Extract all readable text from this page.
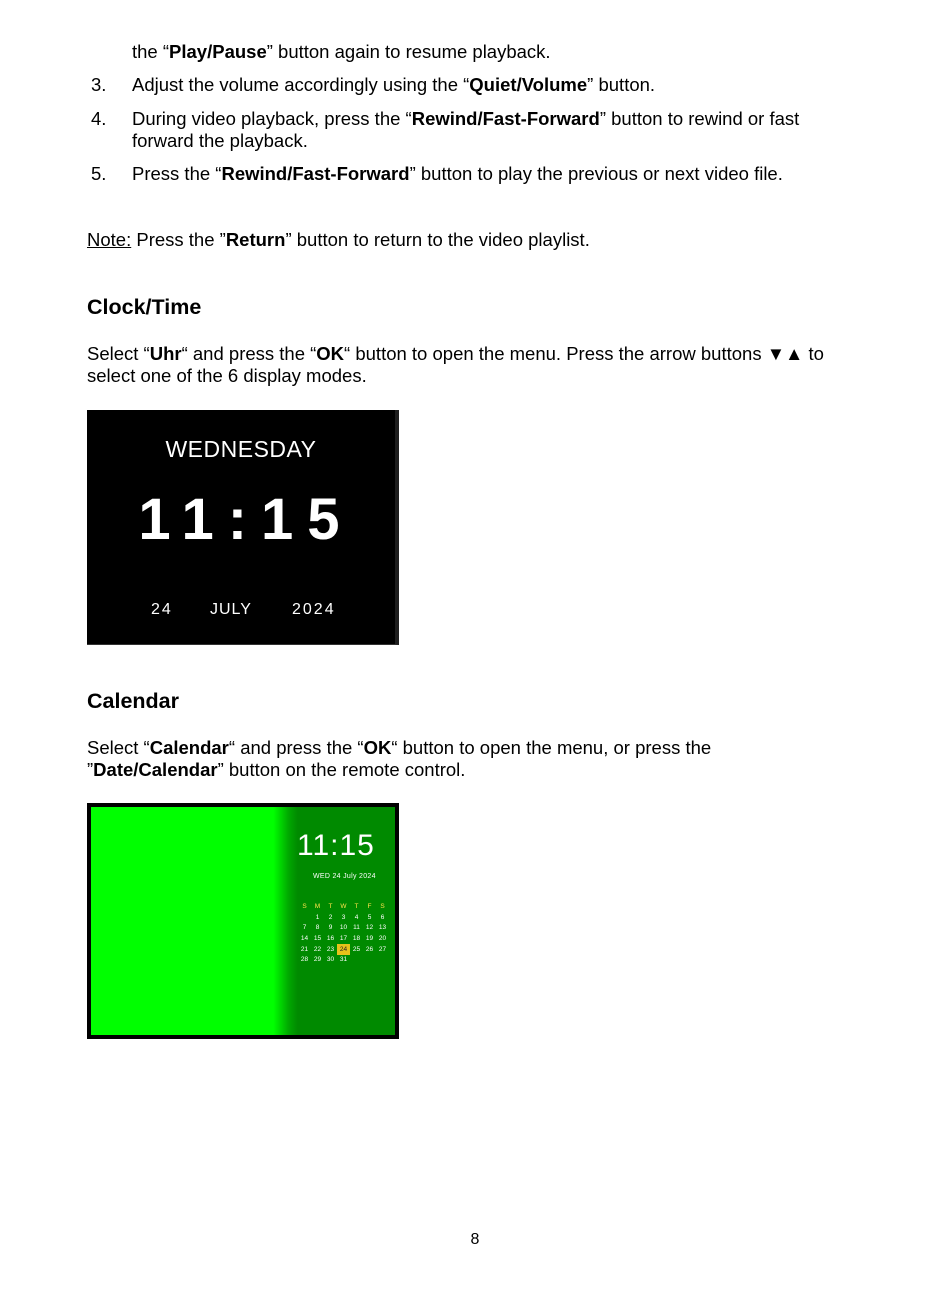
the “Play/Pause” button again to resume playback.
3.	Adjust the volume accordingly using the “Quiet/Volume” button.
4.	During video playback, press the “Rewind/Fast-Forward” button to rewind or fast forward the playback.
5.	Press the “Rewind/Fast-Forward” button to play the previous or next video file.
Note: Press the ”Return” button to return to the video playlist.
Clock/Time
Select “Uhr“ and press the “OK“ button to open the menu. Press the arrow buttons ▼▲ to select one of the 6 display modes.
WEDNESDAY
11:15
24 JULY	2024
Calendar
Select “Calendar“ and press the “OK“ button to open the menu, or press the ”Date/Calendar” button on the remote control.
11:15
WED 24 July 2024
S	M	T	W	T	F	S
	1	2	3	4	5	6
7	8	9	10	11	12	13
14	15	16	17	18	19	20
21	22	23	24	25	26	27
28	29	30	31			
8
